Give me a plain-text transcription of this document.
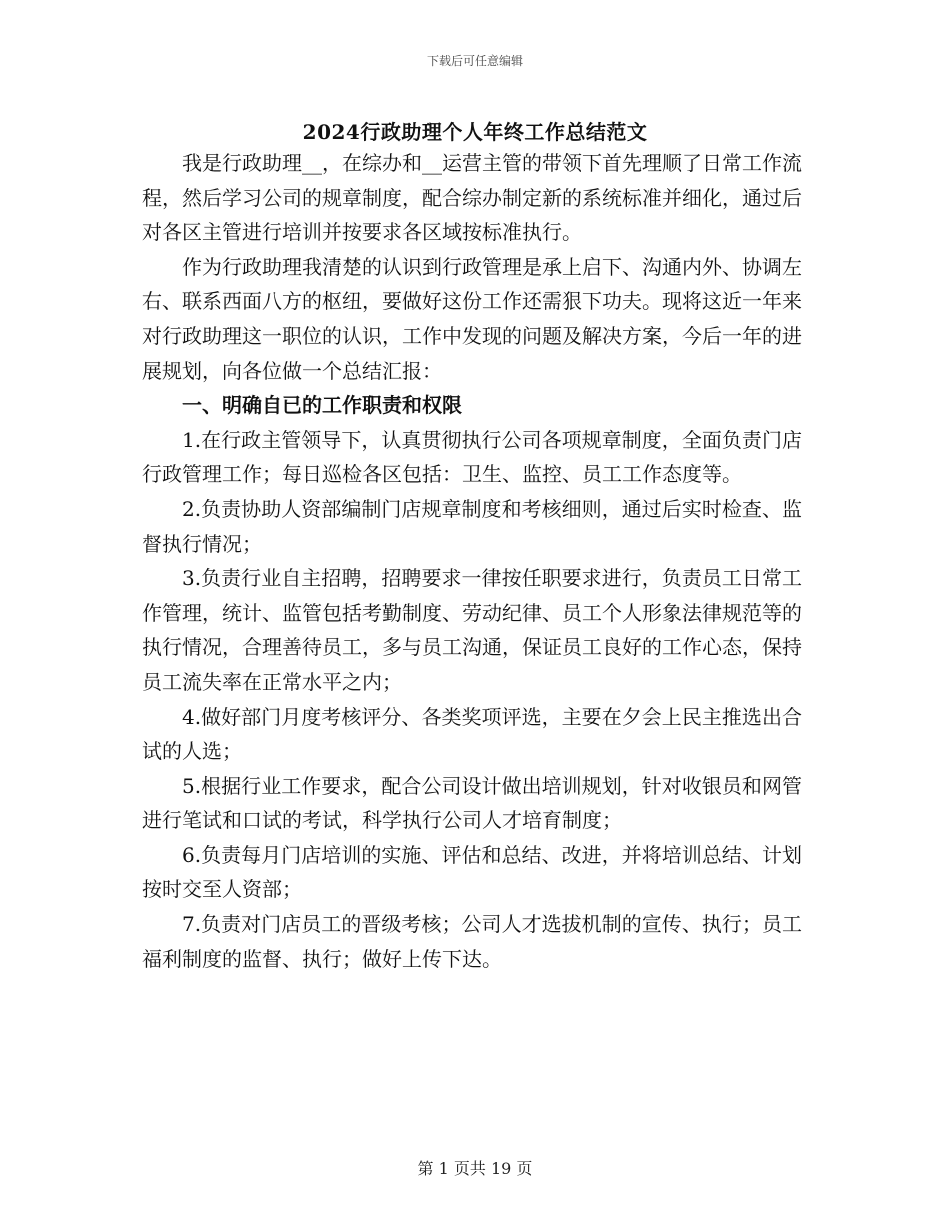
下载后可任意编辑
2024行政助理个人年终工作总结范文

我是行政助理__，在综办和__运营主管的带领下首先理顺了日常工作流程，然后学习公司的规章制度，配合综办制定新的系统标准并细化，通过后对各区主管进行培训并按要求各区域按标准执行。

作为行政助理我清楚的认识到行政管理是承上启下、沟通内外、协调左右、联系西面八方的枢纽，要做好这份工作还需狠下功夫。现将这近一年来对行政助理这一职位的认识，工作中发现的问题及解决方案，今后一年的进展规划，向各位做一个总结汇报：

一、明确自已的工作职责和权限

1.在行政主管领导下，认真贯彻执行公司各项规章制度，全面负责门店行政管理工作；每日巡检各区包括：卫生、监控、员工工作态度等。

2.负责协助人资部编制门店规章制度和考核细则，通过后实时检查、监督执行情况；

3.负责行业自主招聘，招聘要求一律按任职要求进行，负责员工日常工作管理，统计、监管包括考勤制度、劳动纪律、员工个人形象法律规范等的执行情况，合理善待员工，多与员工沟通，保证员工良好的工作心态，保持员工流失率在正常水平之内；

4.做好部门月度考核评分、各类奖项评选，主要在夕会上民主推选出合试的人选；

5.根据行业工作要求，配合公司设计做出培训规划，针对收银员和网管进行笔试和口试的考试，科学执行公司人才培育制度；

6.负责每月门店培训的实施、评估和总结、改进，并将培训总结、计划按时交至人资部；

7.负责对门店员工的晋级考核；公司人才选拔机制的宣传、执行；员工福利制度的监督、执行；做好上传下达。

第 1 页共 19 页
